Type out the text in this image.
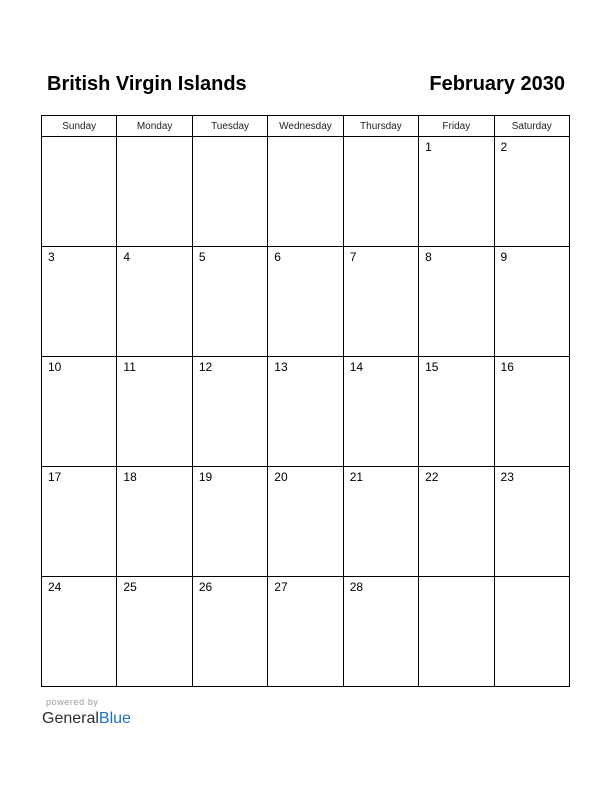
British Virgin Islands	February 2030
Sunday	Monday	Tuesday	Wednesday	Thursday	Friday	Saturday

					1	2

3	4	5	6	7	8	9

10	11	12	13	14	15	16

17	18	19	20	21	22	23

24	25	26	27	28		

powered by
GeneralBlue
